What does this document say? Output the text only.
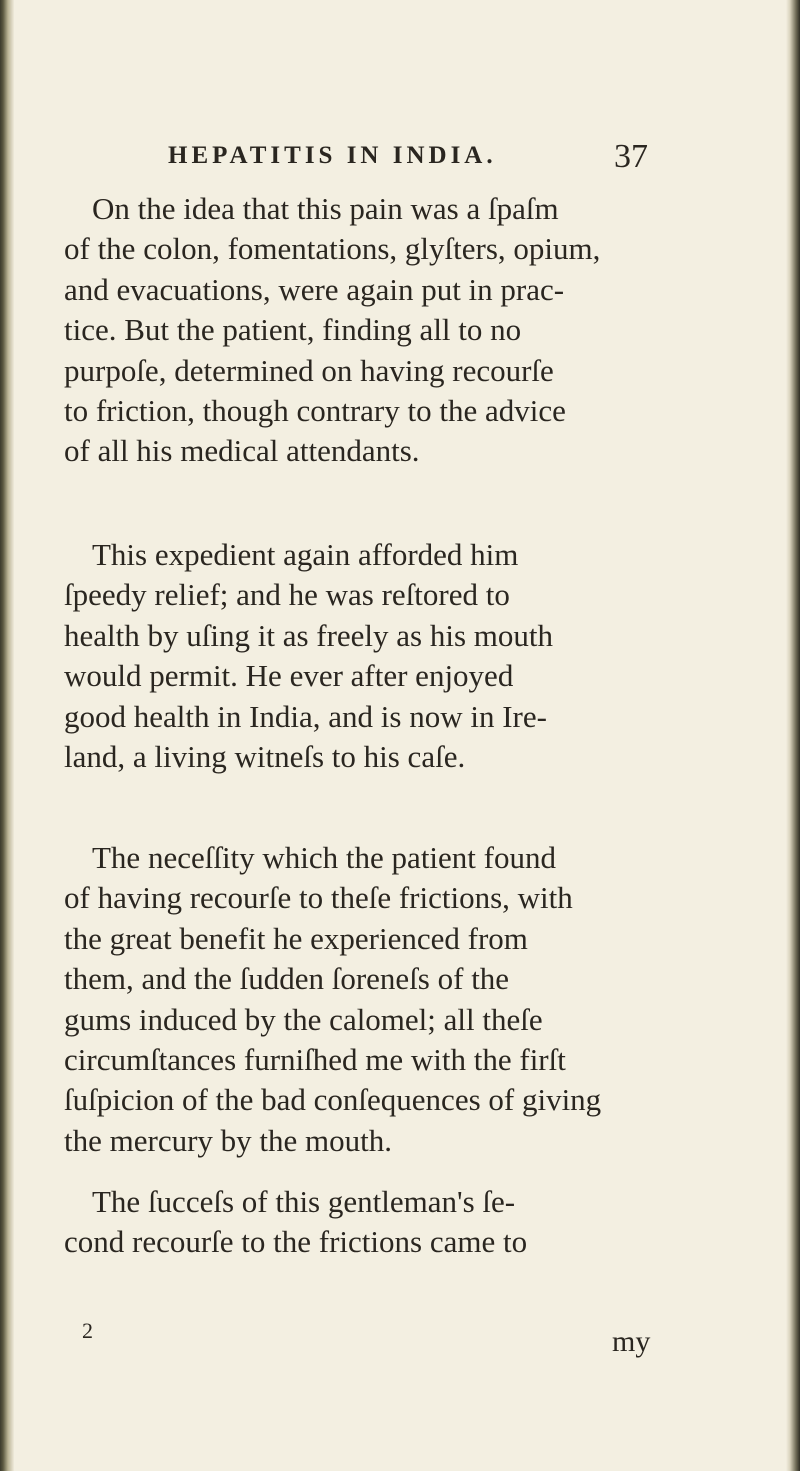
HEPATITIS IN INDIA.	37

On the idea that this pain was a ſpaſm
of the colon, fomentations, glyſters, opium,
and evacuations, were again put in prac-
tice. But the patient, finding all to no
purpoſe, determined on having recourſe
to friction, though contrary to the advice
of all his medical attendants.

This expedient again afforded him
ſpeedy relief; and he was reſtored to
health by uſing it as freely as his mouth
would permit. He ever after enjoyed
good health in India, and is now in Ire-
land, a living witneſs to his caſe.

The neceſſity which the patient found
of having recourſe to theſe frictions, with
the great benefit he experienced from
them, and the ſudden ſoreneſs of the
gums induced by the calomel; all theſe
circumſtances furniſhed me with the firſt
ſuſpicion of the bad conſequences of giving
the mercury by the mouth.

The ſucceſs of this gentleman's ſe-
cond recourſe to the frictions came to

2	my
